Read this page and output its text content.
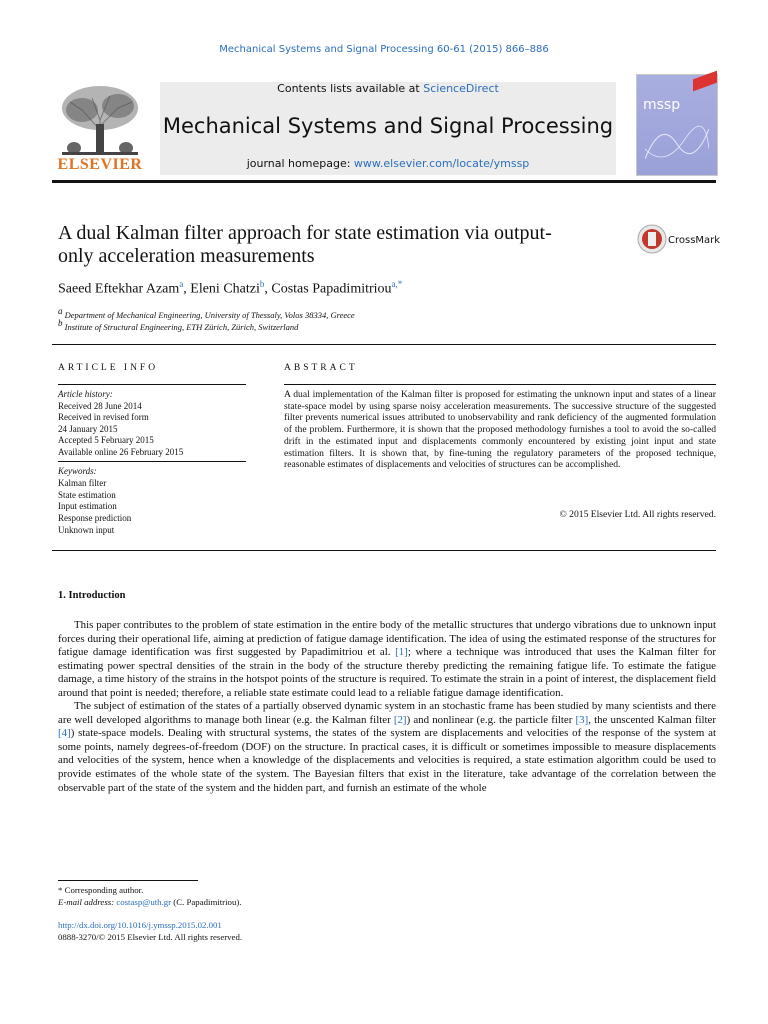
Mechanical Systems and Signal Processing 60-61 (2015) 866–886
Contents lists available at ScienceDirect
Mechanical Systems and Signal Processing
journal homepage: www.elsevier.com/locate/ymssp
ELSEVIER
mssp
A dual Kalman filter approach for state estimation via output-only acceleration measurements
CrossMark
Saeed Eftekhar Azam$^a$, Eleni Chatzi$^b$, Costas Papadimitriou$^{a,*}$
$^a$ Department of Mechanical Engineering, University of Thessaly, Volos 38334, Greece
$^b$ Institute of Structural Engineering, ETH Zürich, Zürich, Switzerland
ARTICLE INFO	ABSTRACT
Article history:
Received 28 June 2014
Received in revised form
24 January 2015
Accepted 5 February 2015
Available online 26 February 2015
Keywords:
Kalman filter
State estimation
Input estimation
Response prediction
Unknown input
A dual implementation of the Kalman filter is proposed for estimating the unknown input and states of a linear state-space model by using sparse noisy acceleration measurements. The successive structure of the suggested filter prevents numerical issues attributed to unobservability and rank deficiency of the augmented formulation of the problem. Furthermore, it is shown that the proposed methodology furnishes a tool to avoid the so-called drift in the estimated input and displacements commonly encountered by existing joint input and state estimation filters. It is shown that, by fine-tuning the regulatory parameters of the proposed technique, reasonable estimates of displacements and velocities of structures can be accomplished.
© 2015 Elsevier Ltd. All rights reserved.
1. Introduction

This paper contributes to the problem of state estimation in the entire body of the metallic structures that undergo vibrations due to unknown input forces during their operational life, aiming at prediction of fatigue damage identification. The idea of using the estimated response of the structures for fatigue damage identification was first suggested by Papadimitriou et al. [1]; where a technique was introduced that uses the Kalman filter for estimating power spectral densities of the strain in the body of the structure thereby predicting the remaining fatigue life. To estimate the fatigue damage, a time history of the strains in the hotspot points of the structure is required. To estimate the strain in a point of interest, the displacement field around that point is needed; therefore, a reliable state estimate could lead to a reliable fatigue damage identification.

The subject of estimation of the states of a partially observed dynamic system in an stochastic frame has been studied by many scientists and there are well developed algorithms to manage both linear (e.g. the Kalman filter [2]) and nonlinear (e.g. the particle filter [3], the unscented Kalman filter [4]) state-space models. Dealing with structural systems, the states of the system are displacements and velocities of the response of the system at some points, namely degrees-of-freedom (DOF) on the structure. In practical cases, it is difficult or sometimes impossible to measure displacements and velocities of the system, hence when a knowledge of the displacements and velocities is required, a state estimation algorithm could be used to provide estimates of the whole state of the system. The Bayesian filters that exist in the literature, take advantage of the correlation between the observable part of the state of the system and the hidden part, and furnish an estimate of the whole

* Corresponding author.
E-mail address: costasp@uth.gr (C. Papadimitriou).
http://dx.doi.org/10.1016/j.ymssp.2015.02.001
0888-3270/© 2015 Elsevier Ltd. All rights reserved.
